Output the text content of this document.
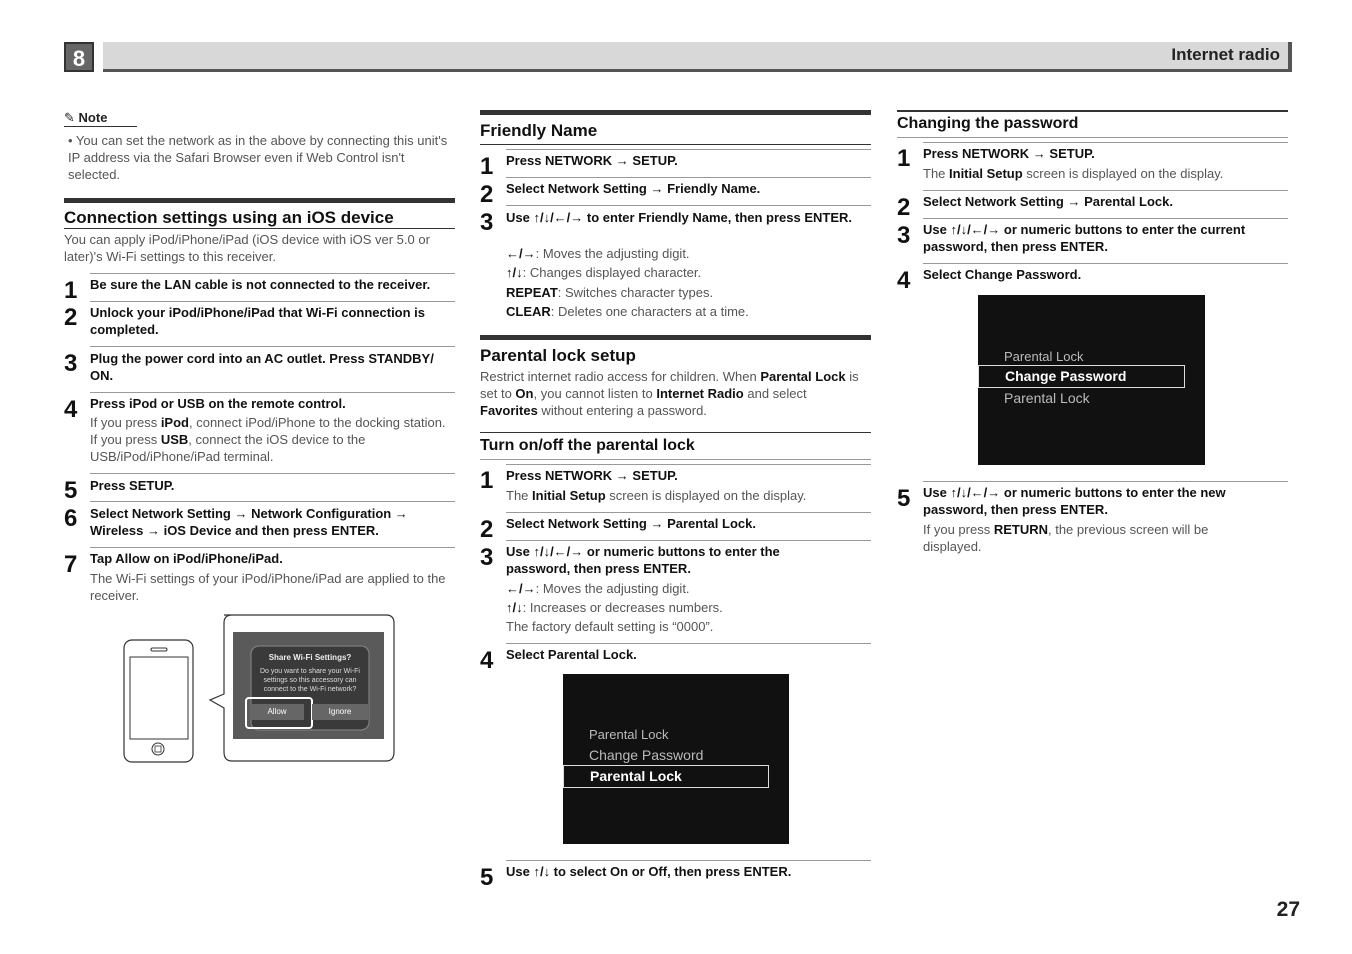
8	Internet radio
✎ Note
• You can set the network as in the above by connecting this unit's IP address via the Safari Browser even if Web Control isn't selected.
Connection settings using an iOS device
You can apply iPod/iPhone/iPad (iOS device with iOS ver 5.0 or later)'s Wi-Fi settings to this receiver.
1 Be sure the LAN cable is not connected to the receiver.
2 Unlock your iPod/iPhone/iPad that Wi-Fi connection is completed.
3 Plug the power cord into an AC outlet. Press STANDBY/ ON.
4 Press iPod or USB on the remote control.
If you press iPod, connect iPod/iPhone to the docking station. If you press USB, connect the iOS device to the USB/iPod/iPhone/iPad terminal.
5 Press SETUP.
6 Select Network Setting → Network Configuration → Wireless → iOS Device and then press ENTER.
7 Tap Allow on iPod/iPhone/iPad.
The Wi-Fi settings of your iPod/iPhone/iPad are applied to the receiver.
Share Wi-Fi Settings?
Do you want to share your Wi-Fi settings so this accessory can connect to the Wi-Fi network?
Allow	Ignore
Friendly Name
1 Press NETWORK → SETUP.
2 Select Network Setting → Friendly Name.
3 Use ↑/↓/←/→ to enter Friendly Name, then press ENTER.
←/→: Moves the adjusting digit.
↑/↓: Changes displayed character.
REPEAT: Switches character types.
CLEAR: Deletes one characters at a time.
Parental lock setup
Restrict internet radio access for children. When Parental Lock is set to On, you cannot listen to Internet Radio and select Favorites without entering a password.
Turn on/off the parental lock
1 Press NETWORK → SETUP.
The Initial Setup screen is displayed on the display.
2 Select Network Setting → Parental Lock.
3 Use ↑/↓/←/→ or numeric buttons to enter the password, then press ENTER.
←/→: Moves the adjusting digit.
↑/↓: Increases or decreases numbers.
The factory default setting is “0000”.
4 Select Parental Lock.
Parental Lock
Change Password
Parental Lock
5 Use ↑/↓ to select On or Off, then press ENTER.
Changing the password
1 Press NETWORK → SETUP.
The Initial Setup screen is displayed on the display.
2 Select Network Setting → Parental Lock.
3 Use ↑/↓/←/→ or numeric buttons to enter the current password, then press ENTER.
4 Select Change Password.
Parental Lock
Change Password
Parental Lock
5 Use ↑/↓/←/→ or numeric buttons to enter the new password, then press ENTER.
If you press RETURN, the previous screen will be displayed.
27
